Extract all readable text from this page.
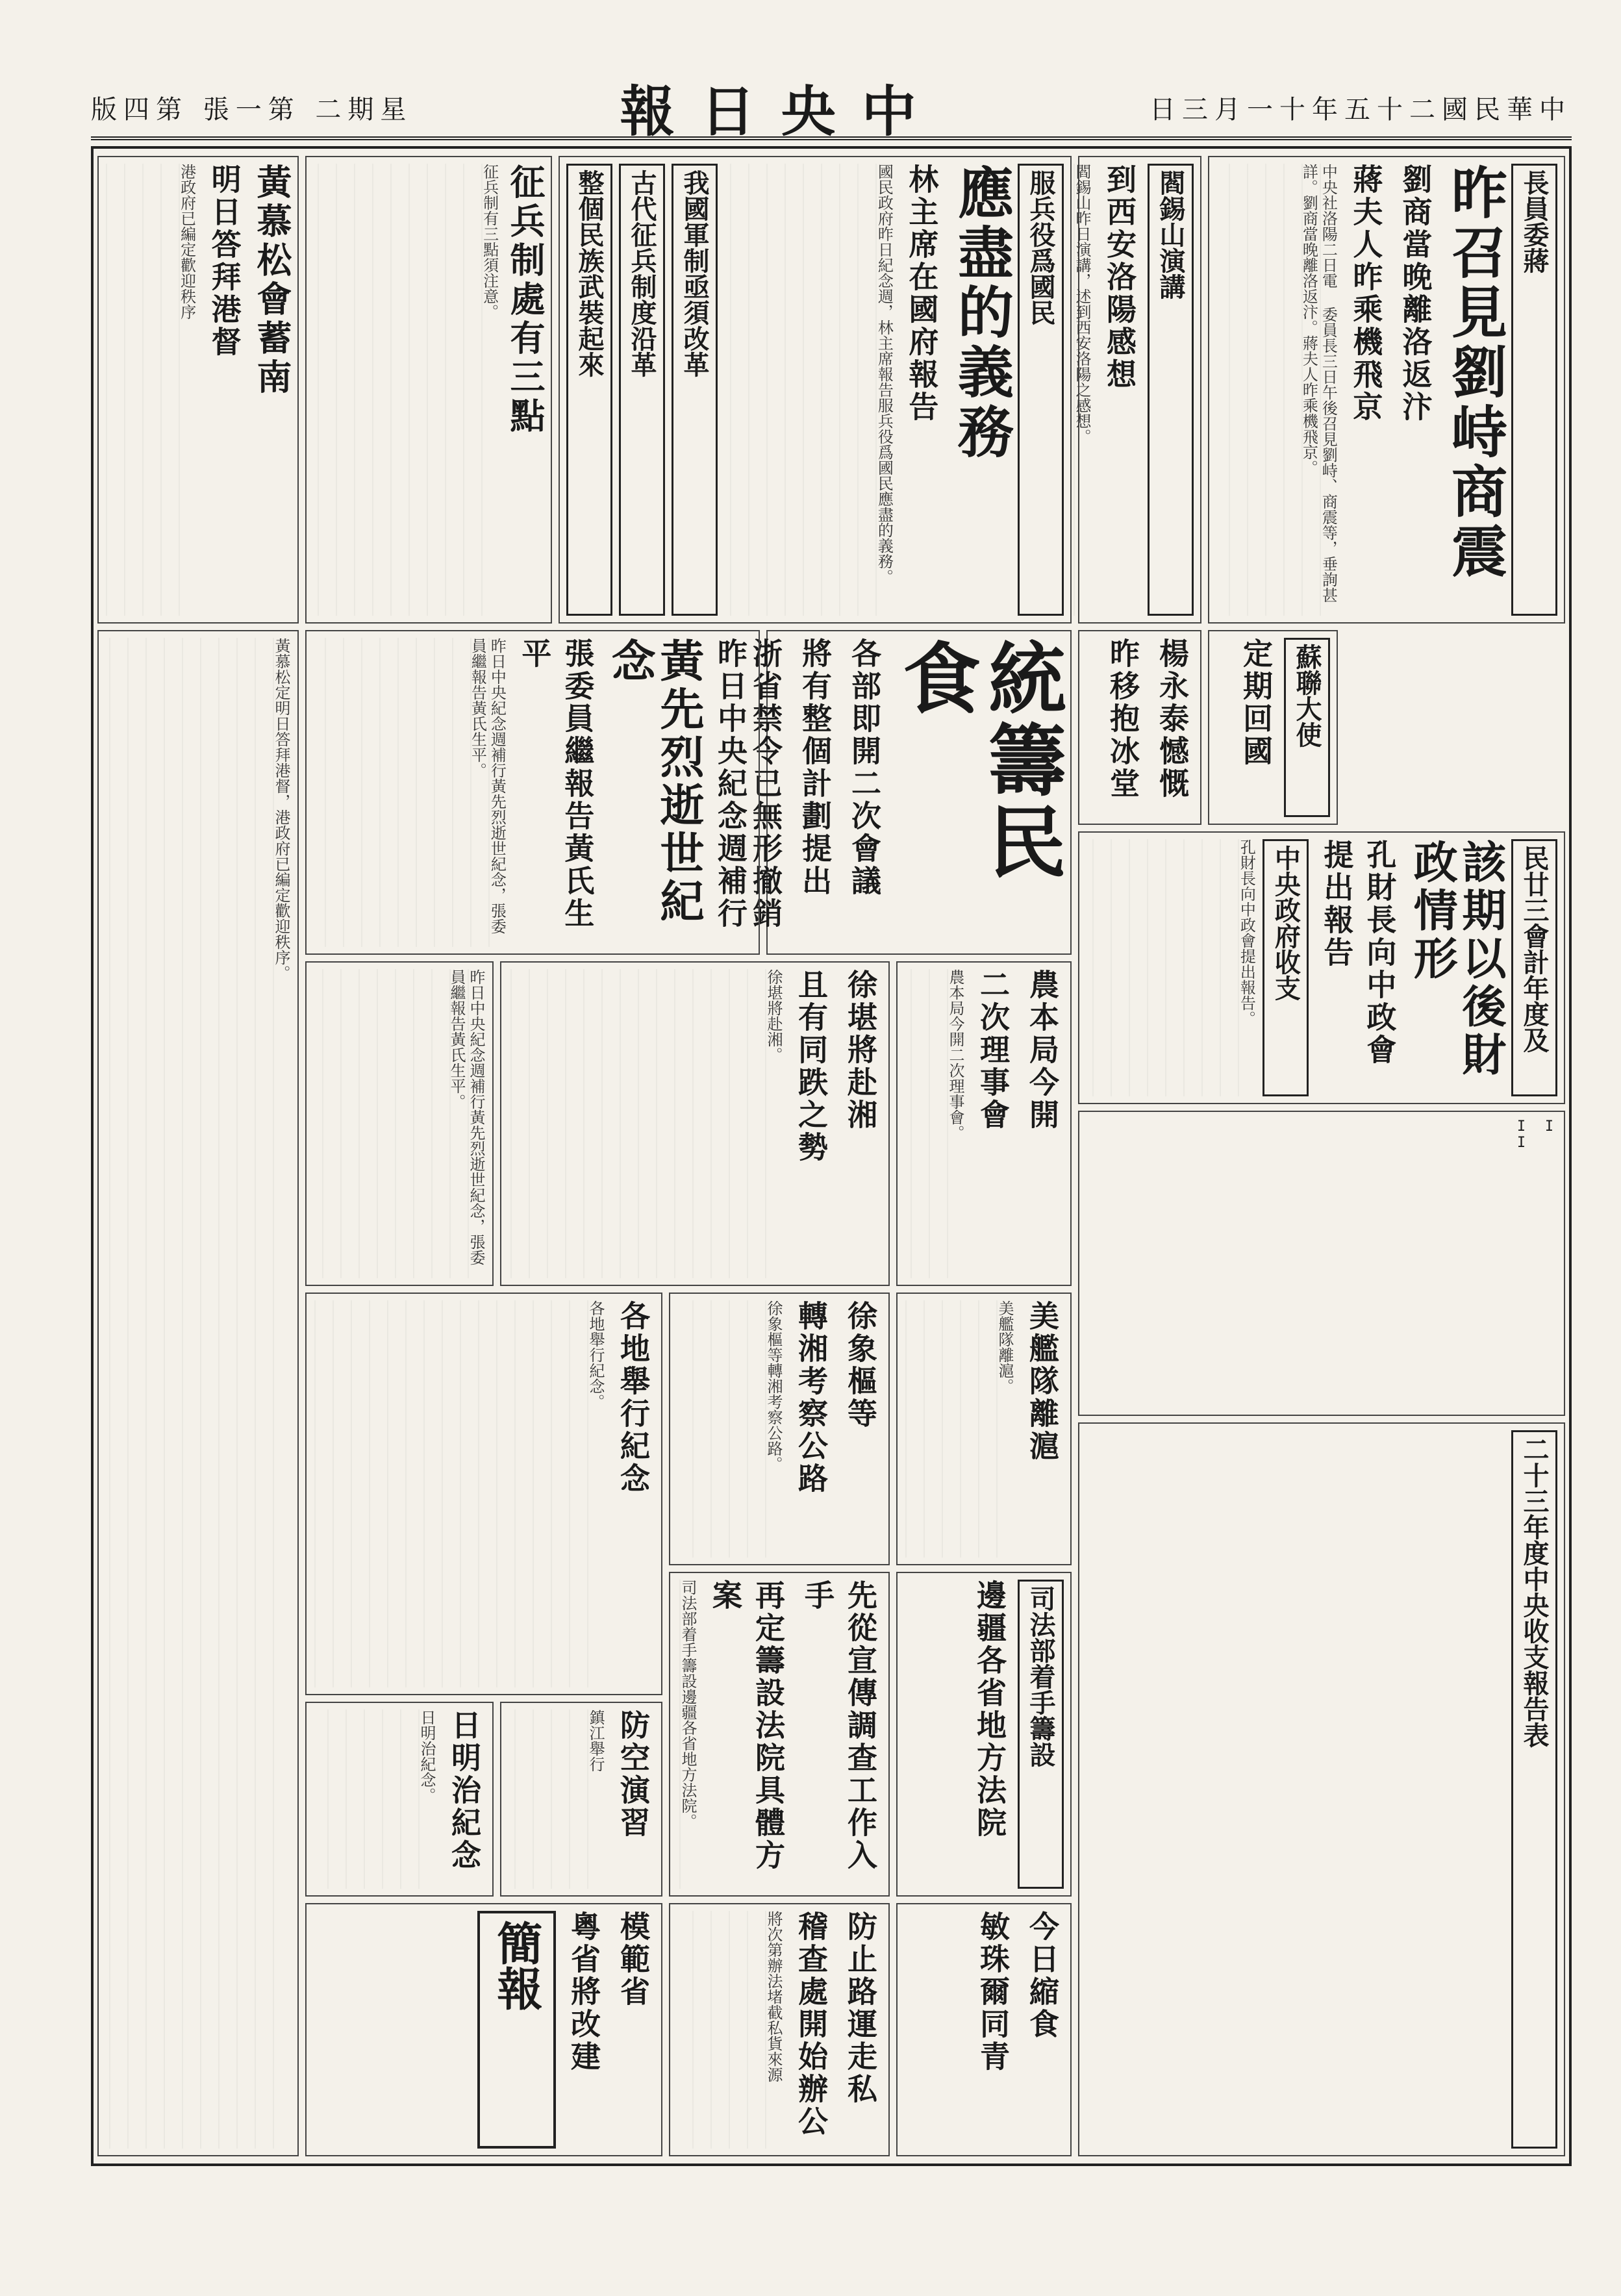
版四第 張一第 二期星	報日央中	日三月一十年五十二國民華中
長員委蔣
昨召見劉峙商震
劉商當晚離洛返汴
蔣夫人昨乘機飛京
中央社洛陽二日電 委員長三日午後召見劉峙、商震等，垂詢甚詳。劉商當晚離洛返汴。蔣夫人昨乘機飛京。
閻錫山演講
到西安洛陽感想
閻錫山昨日演講，述到西安洛陽之感想。
服兵役爲國民
應盡的義務
林主席在國府報告
國民政府昨日紀念週，林主席報告服兵役爲國民應盡的義務。
我國軍制亟須改革
古代征兵制度沿革
整個民族武裝起來
征兵制處有三點
征兵制有三點須注意。
黃慕松會蓄南
明日答拜港督
港政府已編定歡迎秩序
蘇聯大使
定期回國
楊永泰憾慨
昨移抱冰堂
民廿三會計年度及
該期以後財政情形
孔財長向中政會提出報告
中央政府收支
孔財長向中政會提出報告。
I
II
二十三年度中央收支報告表
統籌民食
各部即開二次會議
將有整個計劃提出
浙省禁令已無形撤銷
昨日中央紀念週補行
黃先烈逝世紀念
張委員繼報告黃氏生平
昨日中央紀念週補行黃先烈逝世紀念，張委員繼報告黃氏生平。
黃慕松定明日答拜港督，港政府已編定歡迎秩序。
農本局今開
二次理事會
農本局今開二次理事會。
徐堪將赴湘
且有同跌之勢
徐堪將赴湘。
昨日中央紀念週補行黃先烈逝世紀念，張委員繼報告黃氏生平。
美艦隊離滬
美艦隊離滬。
徐象樞等
轉湘考察公路
徐象樞等轉湘考察公路。
各地舉行紀念
各地舉行紀念。
司法部着手籌設
邊疆各省地方法院
先從宣傳調查工作入手
再定籌設法院具體方案
司法部着手籌設邊疆各省地方法院。
防空演習
鎮江舉行
日明治紀念
日明治紀念。
今日縮食
敏珠爾同青
防止路運走私
稽查處開始辦公
將次第辦法堵截私貨來源
模範省
粵省將改建
簡報
